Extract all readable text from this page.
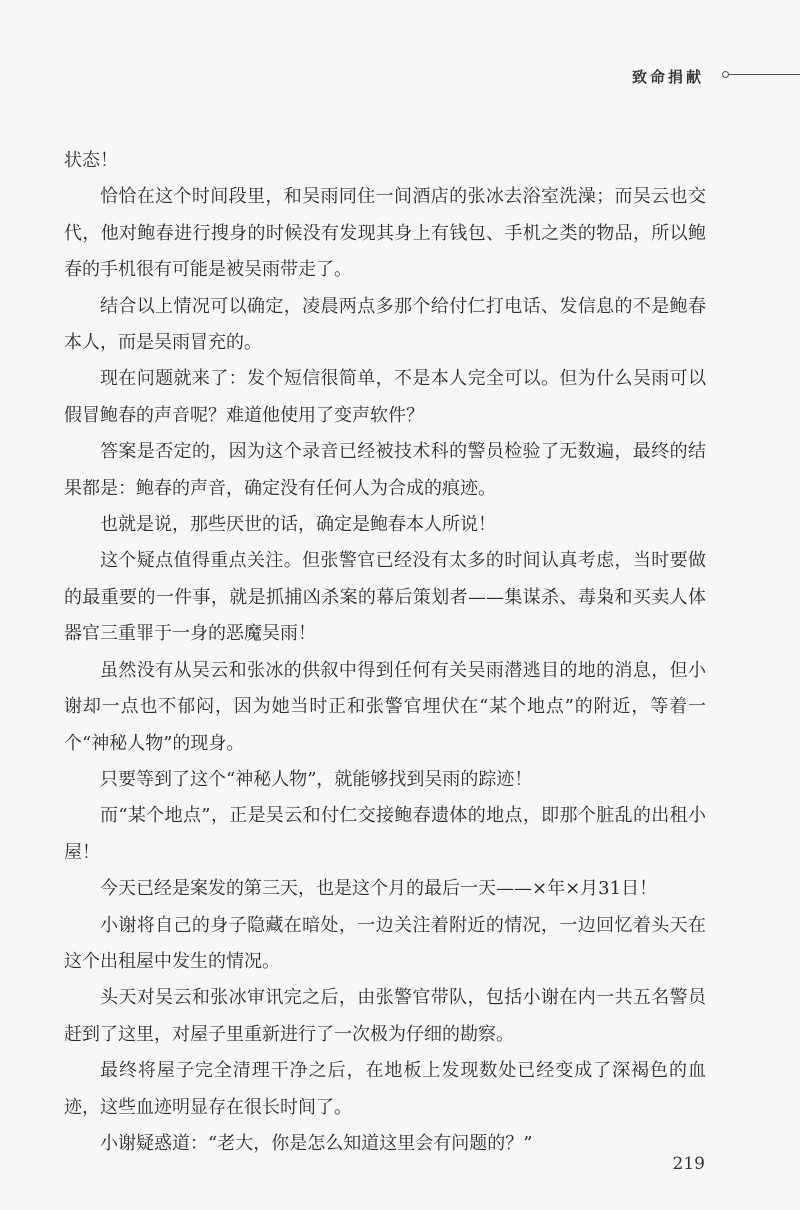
致命捐献

状态！

恰恰在这个时间段里，和吴雨同住一间酒店的张冰去浴室洗澡；而吴云也交代，他对鲍春进行搜身的时候没有发现其身上有钱包、手机之类的物品，所以鲍春的手机很有可能是被吴雨带走了。

结合以上情况可以确定，凌晨两点多那个给付仁打电话、发信息的不是鲍春本人，而是吴雨冒充的。

现在问题就来了：发个短信很简单，不是本人完全可以。但为什么吴雨可以假冒鲍春的声音呢？难道他使用了变声软件？

答案是否定的，因为这个录音已经被技术科的警员检验了无数遍，最终的结果都是：鲍春的声音，确定没有任何人为合成的痕迹。

也就是说，那些厌世的话，确定是鲍春本人所说！

这个疑点值得重点关注。但张警官已经没有太多的时间认真考虑，当时要做的最重要的一件事，就是抓捕凶杀案的幕后策划者——集谋杀、毒枭和买卖人体器官三重罪于一身的恶魔吴雨！

虽然没有从吴云和张冰的供叙中得到任何有关吴雨潜逃目的地的消息，但小谢却一点也不郁闷，因为她当时正和张警官埋伏在“某个地点”的附近，等着一个“神秘人物”的现身。

只要等到了这个“神秘人物”，就能够找到吴雨的踪迹！

而“某个地点”，正是吴云和付仁交接鲍春遗体的地点，即那个脏乱的出租小屋！

今天已经是案发的第三天，也是这个月的最后一天——×年×月31日！

小谢将自己的身子隐藏在暗处，一边关注着附近的情况，一边回忆着头天在这个出租屋中发生的情况。

头天对吴云和张冰审讯完之后，由张警官带队，包括小谢在内一共五名警员赶到了这里，对屋子里重新进行了一次极为仔细的勘察。

最终将屋子完全清理干净之后，在地板上发现数处已经变成了深褐色的血迹，这些血迹明显存在很长时间了。

小谢疑惑道：“老大，你是怎么知道这里会有问题的？”

219
